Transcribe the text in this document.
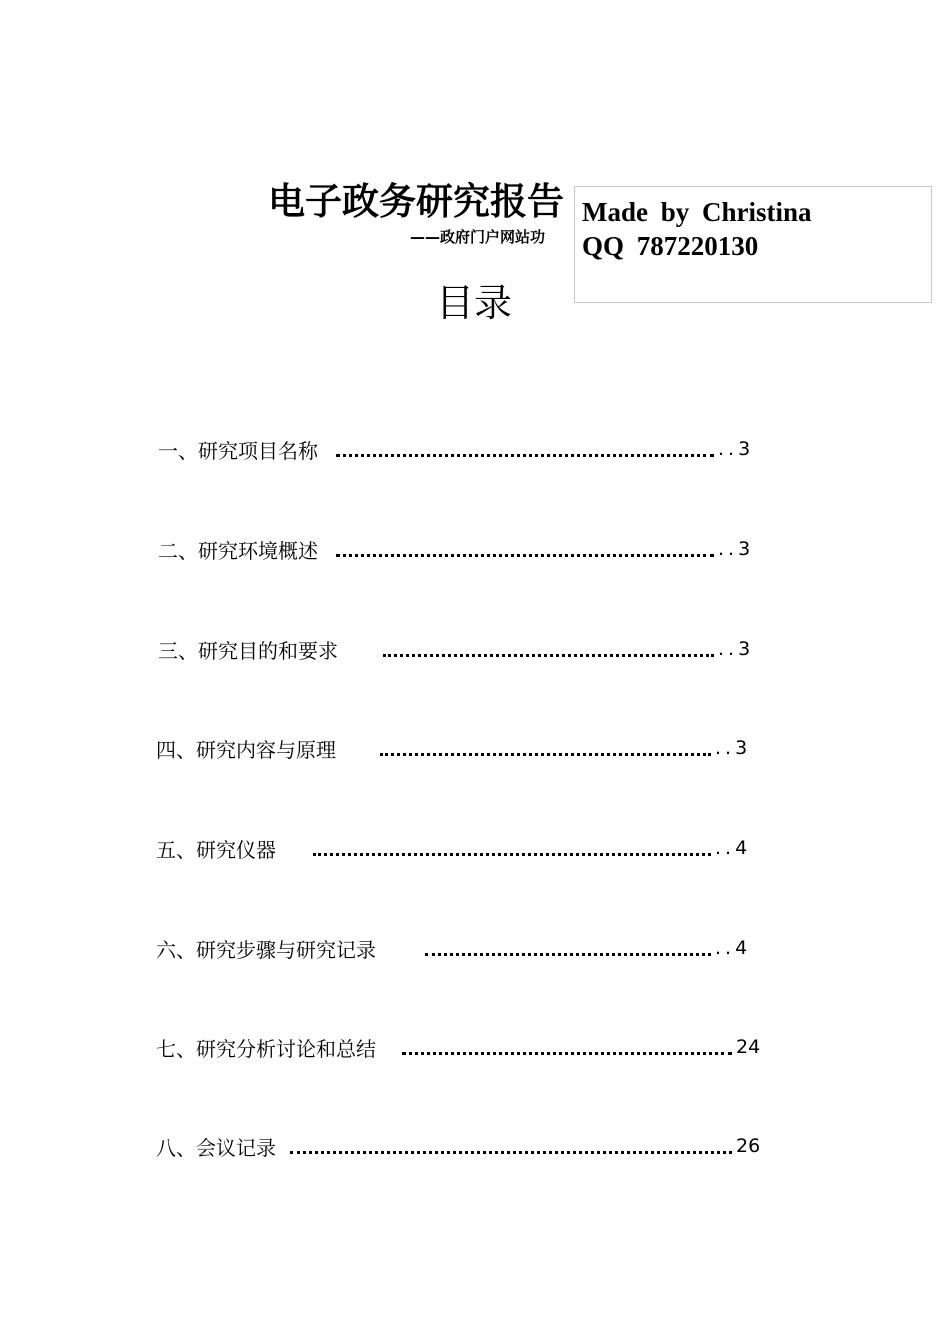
电子政务研究报告
——政府门户网站功
Made by Christina
QQ 787220130
目录
一、研究项目名称	..3
二、研究环境概述	..3
三、研究目的和要求	..3
四、研究内容与原理	..3
五、研究仪器	..4
六、研究步骤与研究记录	..4
七、研究分析讨论和总结	24
八、会议记录	26
